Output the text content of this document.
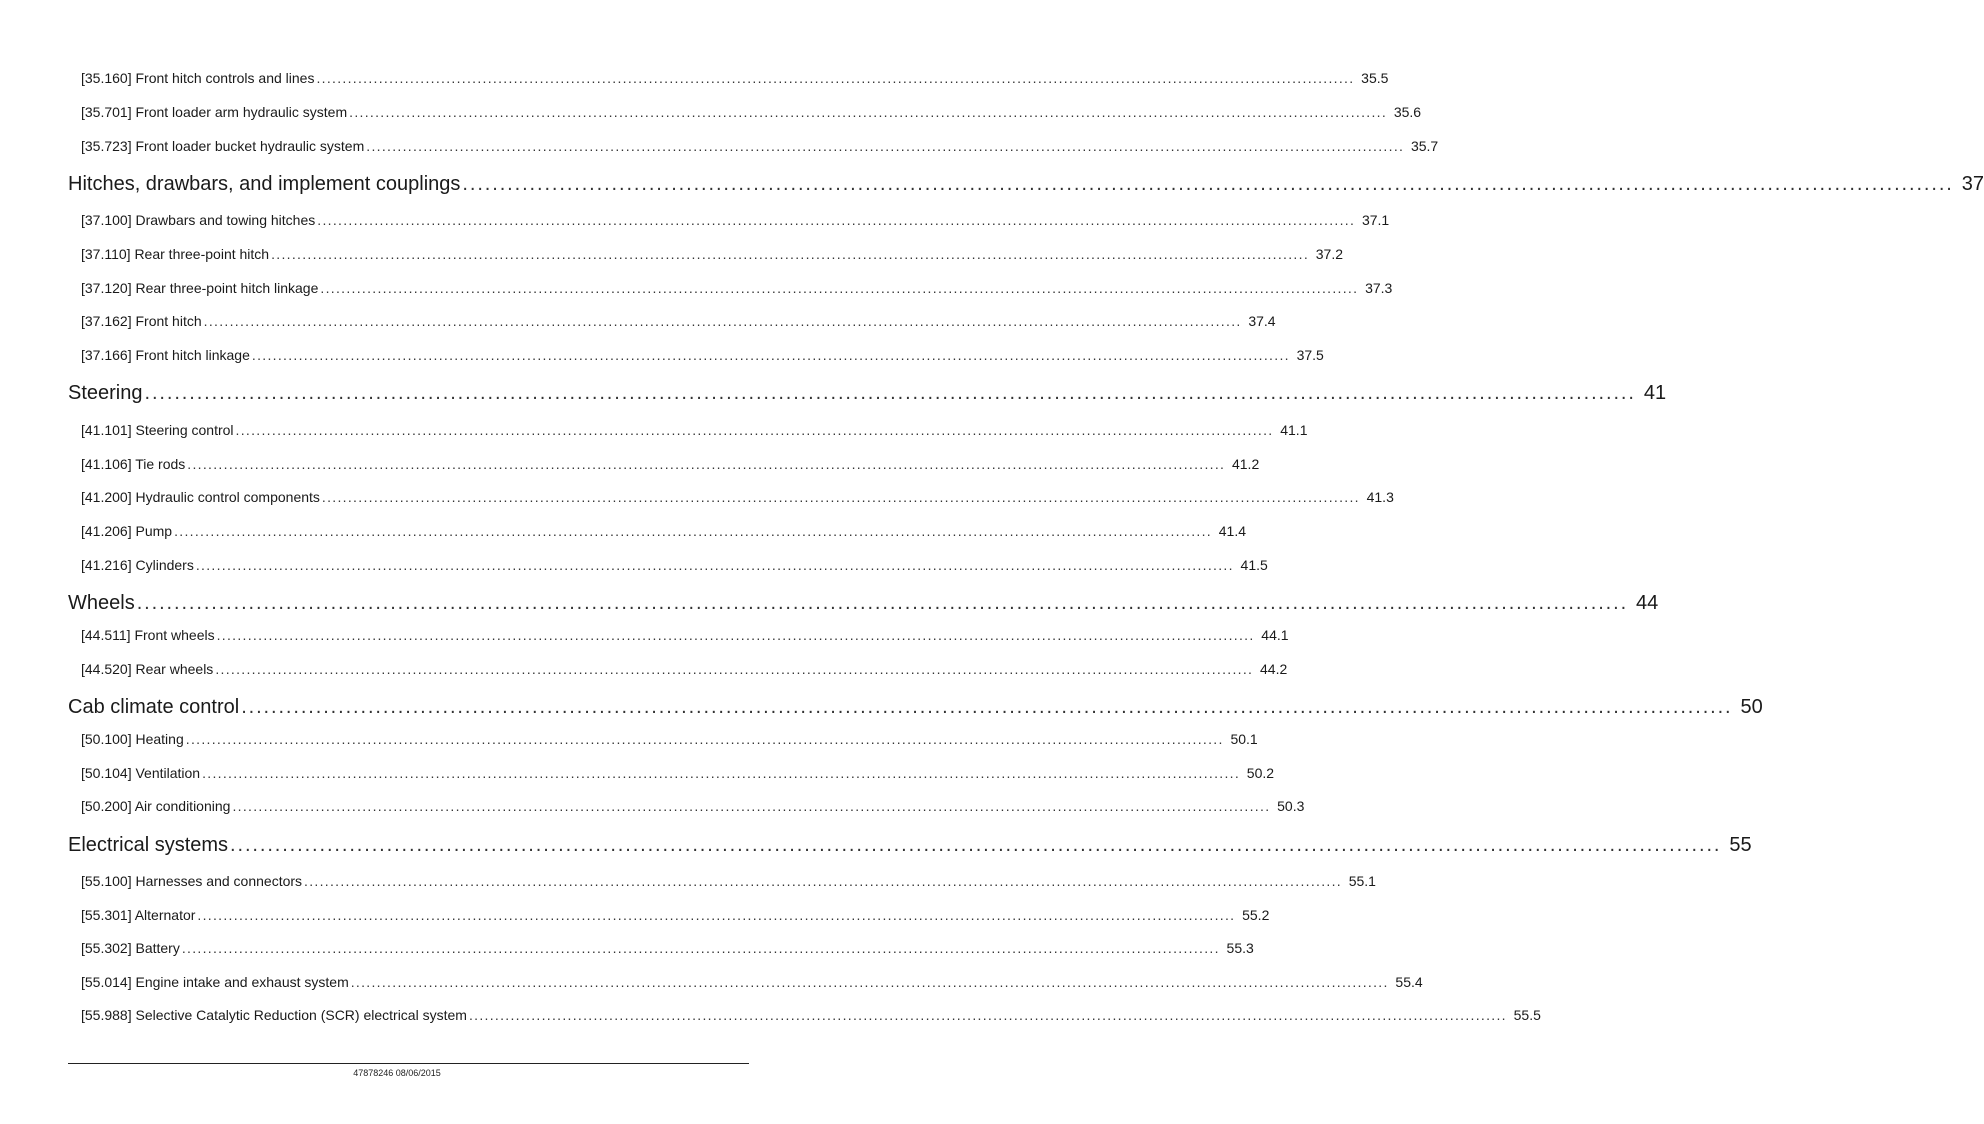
[35.160] Front hitch controls and lines ........................................................................................................................................................................................................ 35.5
[35.701] Front loader arm hydraulic system ........................................................................................................................................................................................................ 35.6
[35.723] Front loader bucket hydraulic system ........................................................................................................................................................................................................ 35.7
Hitches, drawbars, and implement couplings ........................................................................................................................................................................................................ 37
[37.100] Drawbars and towing hitches ........................................................................................................................................................................................................ 37.1
[37.110] Rear three-point hitch ........................................................................................................................................................................................................ 37.2
[37.120] Rear three-point hitch linkage ........................................................................................................................................................................................................ 37.3
[37.162] Front hitch ........................................................................................................................................................................................................ 37.4
[37.166] Front hitch linkage ........................................................................................................................................................................................................ 37.5
Steering ........................................................................................................................................................................................................ 41
[41.101] Steering control ........................................................................................................................................................................................................ 41.1
[41.106] Tie rods ........................................................................................................................................................................................................ 41.2
[41.200] Hydraulic control components ........................................................................................................................................................................................................ 41.3
[41.206] Pump ........................................................................................................................................................................................................ 41.4
[41.216] Cylinders ........................................................................................................................................................................................................ 41.5
Wheels ........................................................................................................................................................................................................ 44
[44.511] Front wheels ........................................................................................................................................................................................................ 44.1
[44.520] Rear wheels ........................................................................................................................................................................................................ 44.2
Cab climate control ........................................................................................................................................................................................................ 50
[50.100] Heating ........................................................................................................................................................................................................ 50.1
[50.104] Ventilation ........................................................................................................................................................................................................ 50.2
[50.200] Air conditioning ........................................................................................................................................................................................................ 50.3
Electrical systems ........................................................................................................................................................................................................ 55
[55.100] Harnesses and connectors ........................................................................................................................................................................................................ 55.1
[55.301] Alternator ........................................................................................................................................................................................................ 55.2
[55.302] Battery ........................................................................................................................................................................................................ 55.3
[55.014] Engine intake and exhaust system ........................................................................................................................................................................................................ 55.4
[55.988] Selective Catalytic Reduction (SCR) electrical system ........................................................................................................................................................................................................ 55.5
47878246 08/06/2015
